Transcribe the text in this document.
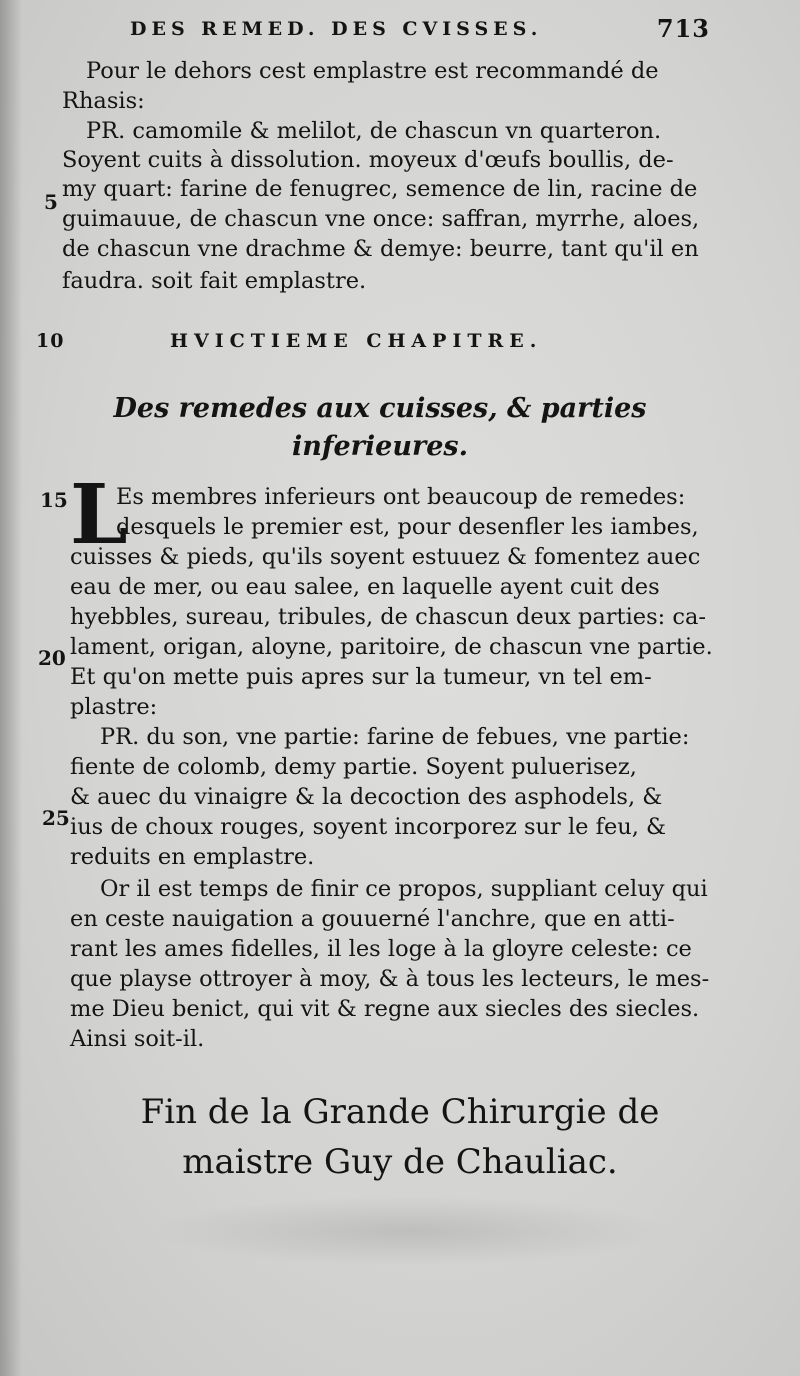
DES REMED. DES CVISSES.	713
Pour le dehors cest emplastre est recommandé de
Rhasis:
PR. camomile & melilot, de chascun vn quarteron.
Soyent cuits à dissolution. moyeux d'œufs boullis, de-
my quart: farine de fenugrec, semence de lin, racine de
guimauue, de chascun vne once: saffran, myrrhe, aloes,
de chascun vne drachme & demye: beurre, tant qu'il en
faudra. soit fait emplastre.
5
10	HVICTIEME CHAPITRE.
Des remedes aux cuisses, & parties
inferieures.
15 L
Es membres inferieurs ont beaucoup de remedes:
desquels le premier est, pour desenfler les iambes,
cuisses & pieds, qu'ils soyent estuuez & fomentez auec
eau de mer, ou eau salee, en laquelle ayent cuit des
hyebbles, sureau, tribules, de chascun deux parties: ca-
20 lament, origan, aloyne, paritoire, de chascun vne partie.
Et qu'on mette puis apres sur la tumeur, vn tel em-
plastre:
PR. du son, vne partie: farine de febues, vne partie:
fiente de colomb, demy partie. Soyent puluerisez,
25
& auec du vinaigre & la decoction des asphodels, &
ius de choux rouges, soyent incorporez sur le feu, &
reduits en emplastre.
Or il est temps de finir ce propos, suppliant celuy qui
en ceste nauigation a gouuerné l'anchre, que en atti-
rant les ames fidelles, il les loge à la gloyre celeste: ce
que playse ottroyer à moy, & à tous les lecteurs, le mes-
me Dieu benict, qui vit & regne aux siecles des siecles.
Ainsi soit-il.
Fin de la Grande Chirurgie de
maistre Guy de Chauliac.
